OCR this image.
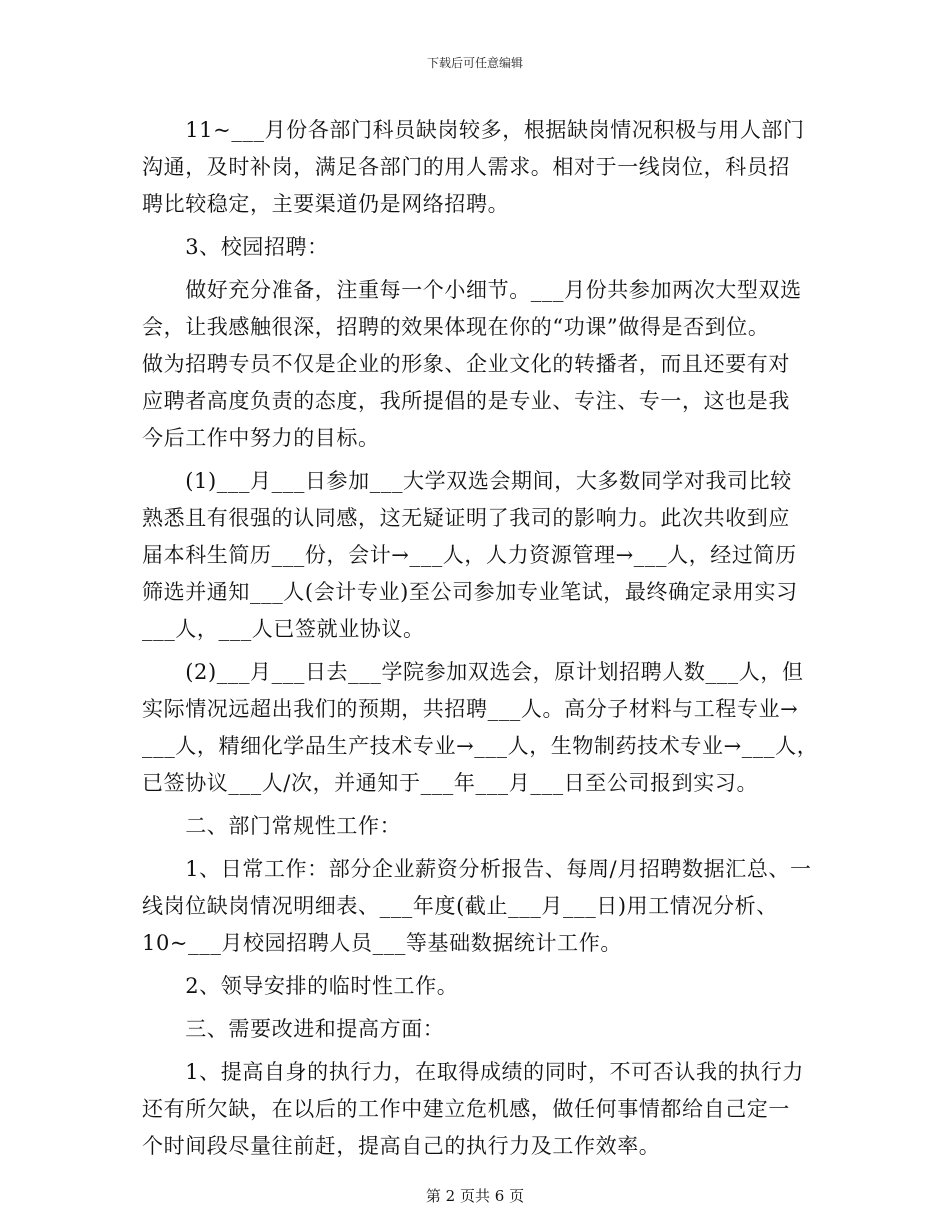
下载后可任意编辑
　　11~___月份各部门科员缺岗较多，根据缺岗情况积极与用人部门
沟通，及时补岗，满足各部门的用人需求。相对于一线岗位，科员招
聘比较稳定，主要渠道仍是网络招聘。
　　3、校园招聘：
　　做好充分准备，注重每一个小细节。___月份共参加两次大型双选
会，让我感触很深，招聘的效果体现在你的“功课”做得是否到位。
做为招聘专员不仅是企业的形象、企业文化的转播者，而且还要有对
应聘者高度负责的态度，我所提倡的是专业、专注、专一，这也是我
今后工作中努力的目标。
　　(1)___月___日参加___大学双选会期间，大多数同学对我司比较
熟悉且有很强的认同感，这无疑证明了我司的影响力。此次共收到应
届本科生简历___份，会计→___人，人力资源管理→___人，经过简历
筛选并通知___人(会计专业)至公司参加专业笔试，最终确定录用实习
___人，___人已签就业协议。
　　(2)___月___日去___学院参加双选会，原计划招聘人数___人，但
实际情况远超出我们的预期，共招聘___人。高分子材料与工程专业→
___人，精细化学品生产技术专业→___人，生物制药技术专业→___人，
已签协议___人/次，并通知于___年___月___日至公司报到实习。
　　二、部门常规性工作：
　　1、日常工作：部分企业薪资分析报告、每周/月招聘数据汇总、一
线岗位缺岗情况明细表、___年度(截止___月___日)用工情况分析、
10~___月校园招聘人员___等基础数据统计工作。
　　2、领导安排的临时性工作。
　　三、需要改进和提高方面：
　　1、提高自身的执行力，在取得成绩的同时，不可否认我的执行力
还有所欠缺，在以后的工作中建立危机感，做任何事情都给自己定一
个时间段尽量往前赶，提高自己的执行力及工作效率。
第 2 页共 6 页
